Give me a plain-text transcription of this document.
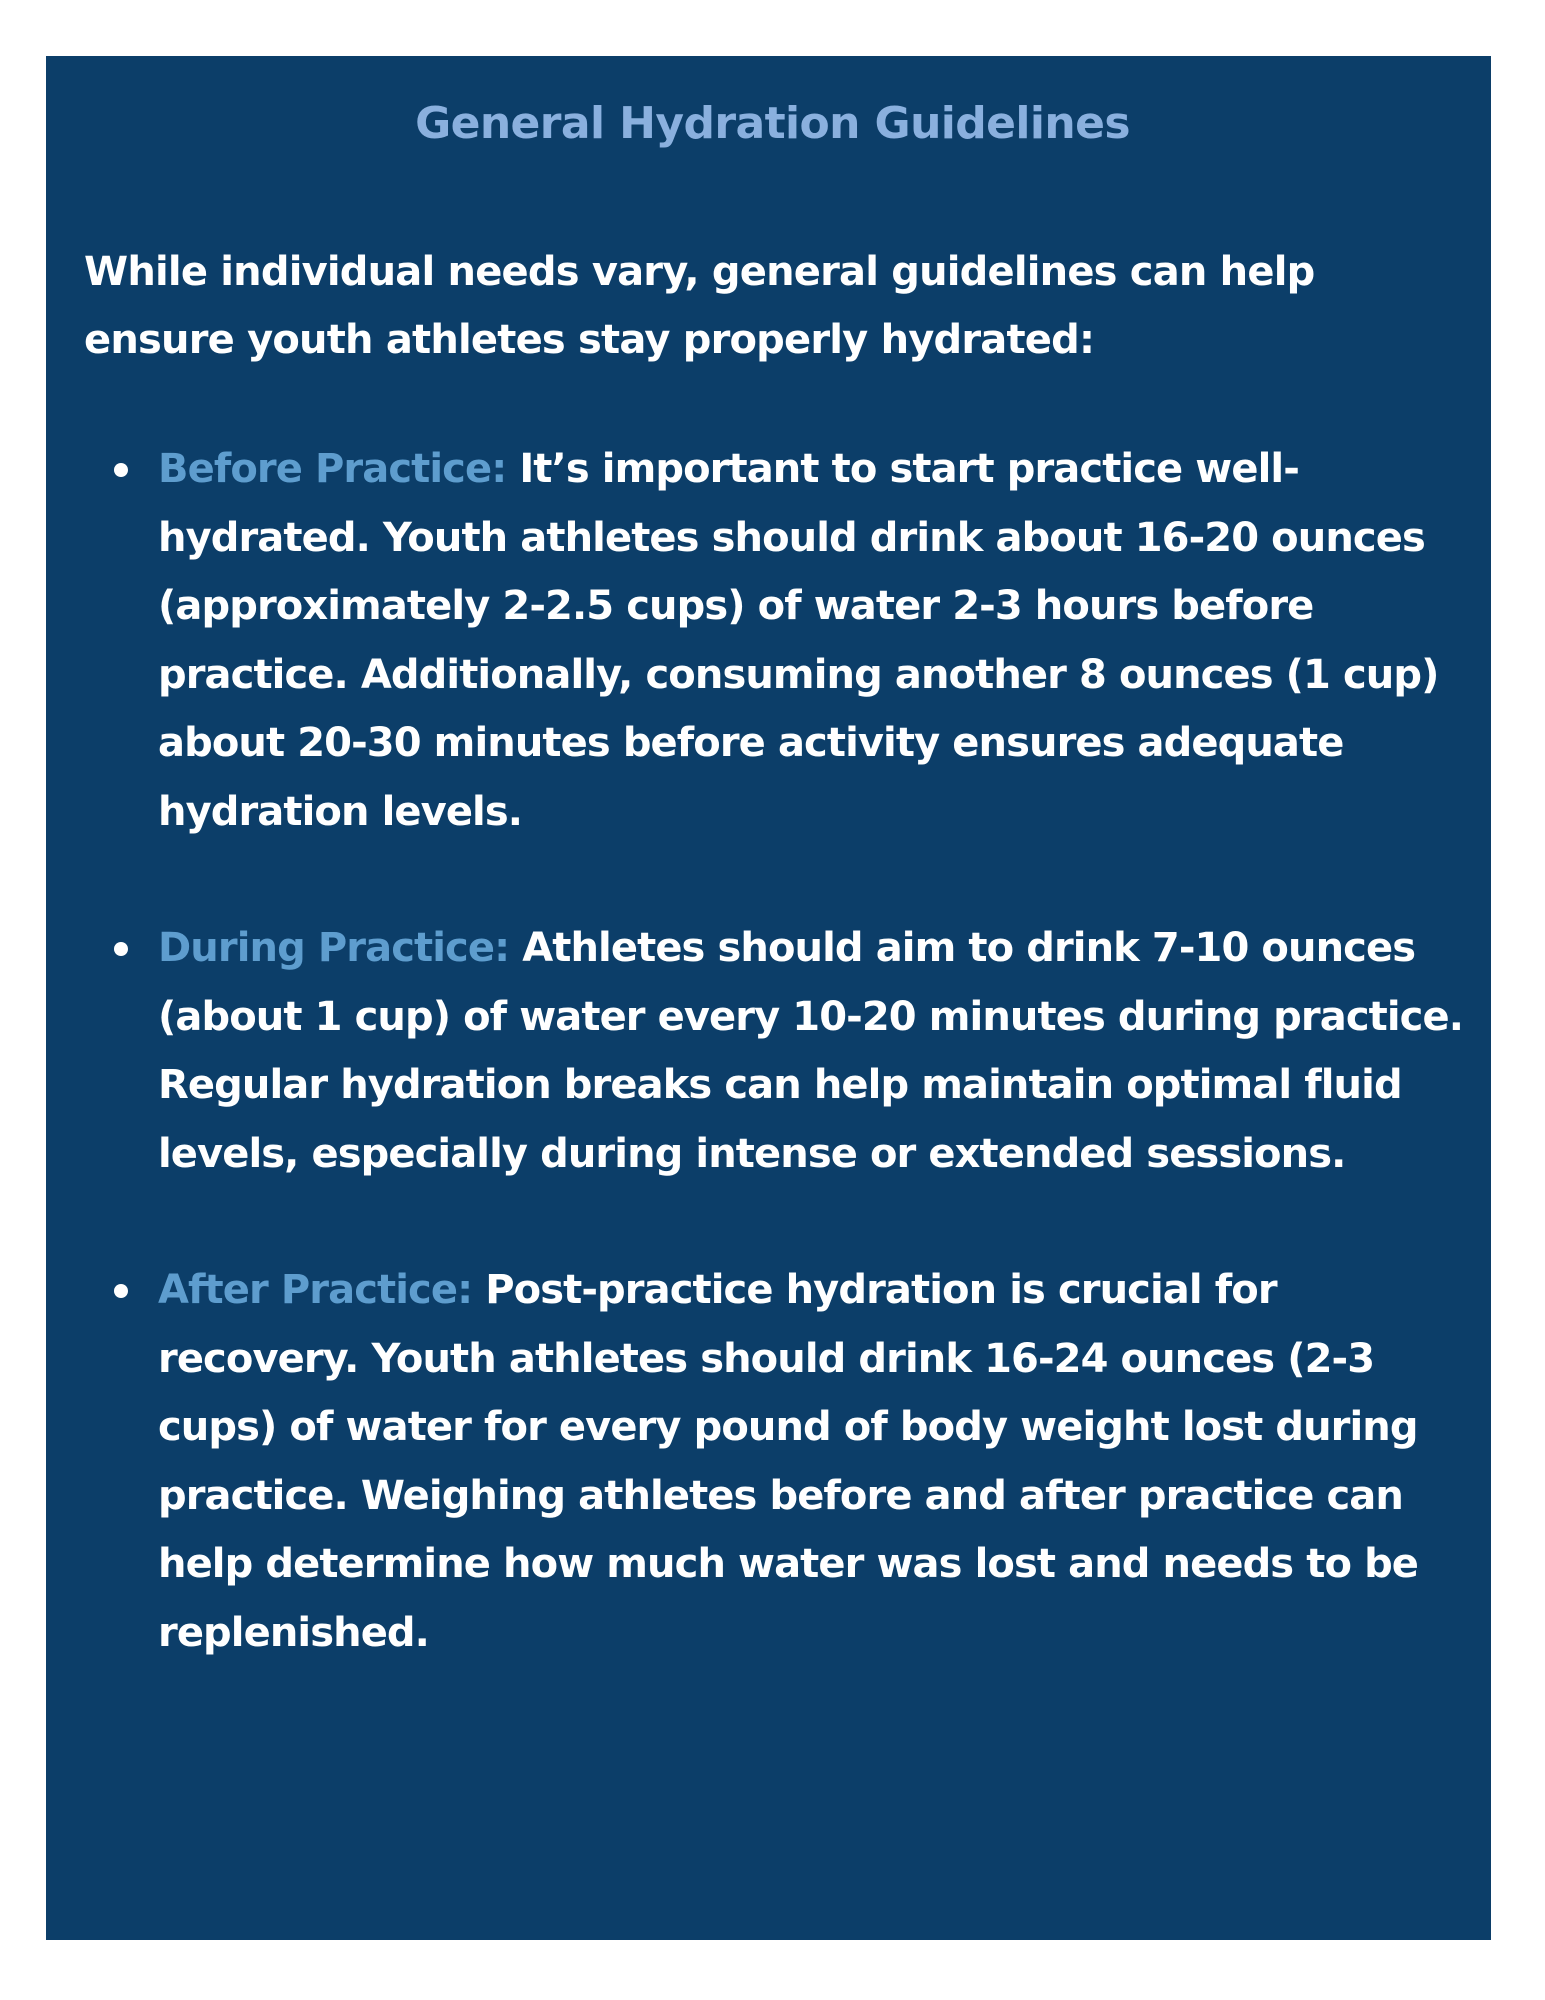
General Hydration Guidelines

While individual needs vary, general guidelines can help ensure youth athletes stay properly hydrated:

Before Practice: It’s important to start practice well-hydrated. Youth athletes should drink about 16-20 ounces (approximately 2-2.5 cups) of water 2-3 hours before practice. Additionally, consuming another 8 ounces (1 cup) about 20-30 minutes before activity ensures adequate hydration levels.
During Practice: Athletes should aim to drink 7-10 ounces (about 1 cup) of water every 10-20 minutes during practice. Regular hydration breaks can help maintain optimal fluid levels, especially during intense or extended sessions.
After Practice: Post-practice hydration is crucial for recovery. Youth athletes should drink 16-24 ounces (2-3 cups) of water for every pound of body weight lost during practice. Weighing athletes before and after practice can help determine how much water was lost and needs to be replenished.
